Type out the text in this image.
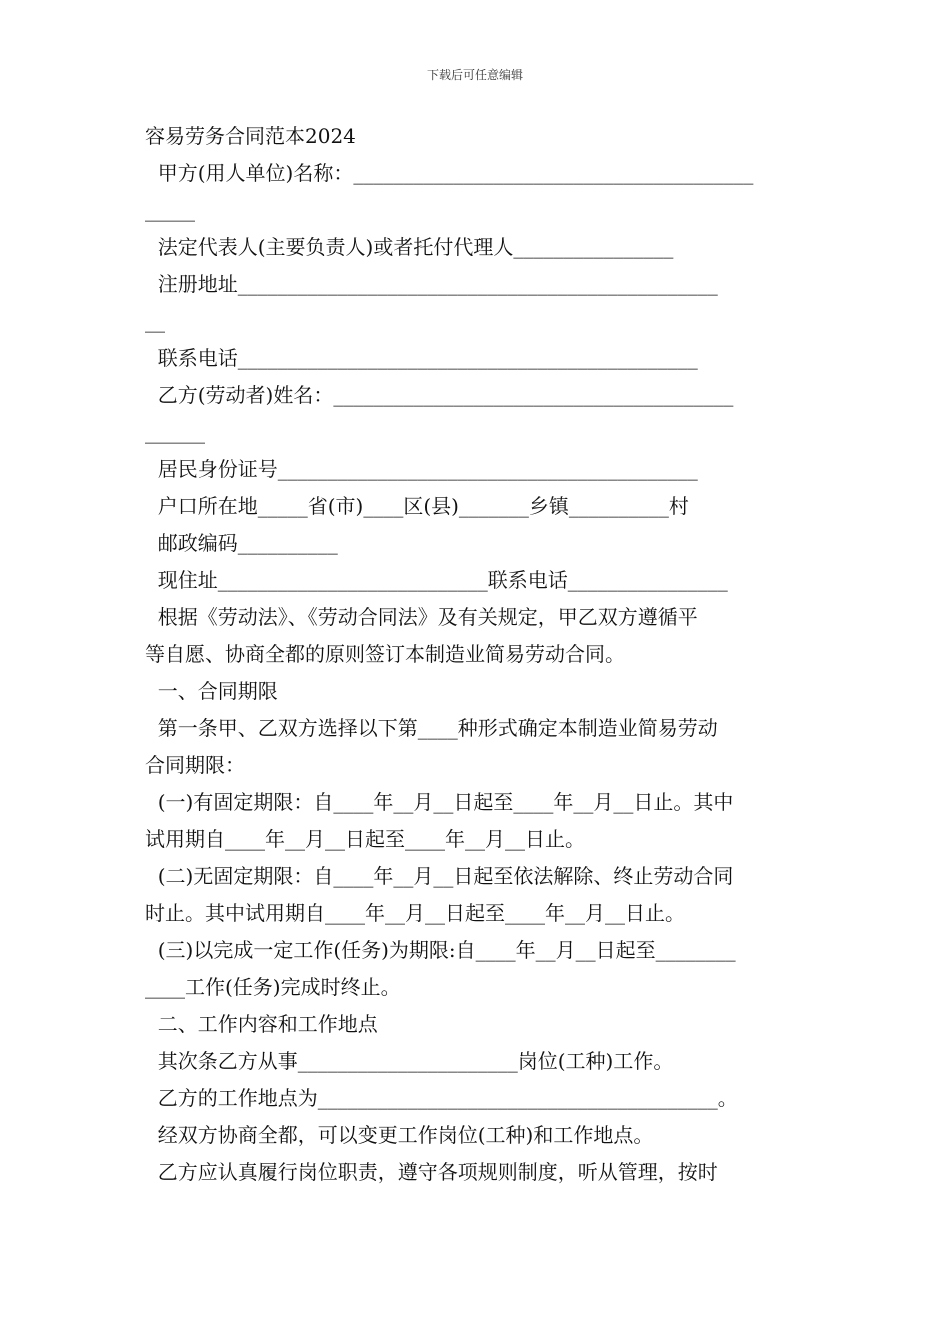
下载后可任意编辑
容易劳务合同范本2024
甲方(用人单位)名称：________________________________________
_____
法定代表人(主要负责人)或者托付代理人________________
注册地址________________________________________________
__
联系电话______________________________________________
乙方(劳动者)姓名：________________________________________
______
居民身份证号__________________________________________
户口所在地_____省(市)____区(县)_______乡镇__________村
邮政编码__________
现住址___________________________联系电话________________
根据《劳动法》、《劳动合同法》及有关规定，甲乙双方遵循平
等自愿、协商全都的原则签订本制造业简易劳动合同。
一、合同期限
第一条甲、乙双方选择以下第____种形式确定本制造业简易劳动
合同期限：
(一)有固定期限：自____年__月__日起至____年__月__日止。其中
试用期自____年__月__日起至____年__月__日止。
(二)无固定期限：自____年__月__日起至依法解除、终止劳动合同
时止。其中试用期自____年__月__日起至____年__月__日止。
(三)以完成一定工作(任务)为期限:自____年__月__日起至________
____工作(任务)完成时终止。
二、工作内容和工作地点
其次条乙方从事______________________岗位(工种)工作。
乙方的工作地点为________________________________________。
经双方协商全都，可以变更工作岗位(工种)和工作地点。
乙方应认真履行岗位职责，遵守各项规则制度，听从管理，按时
